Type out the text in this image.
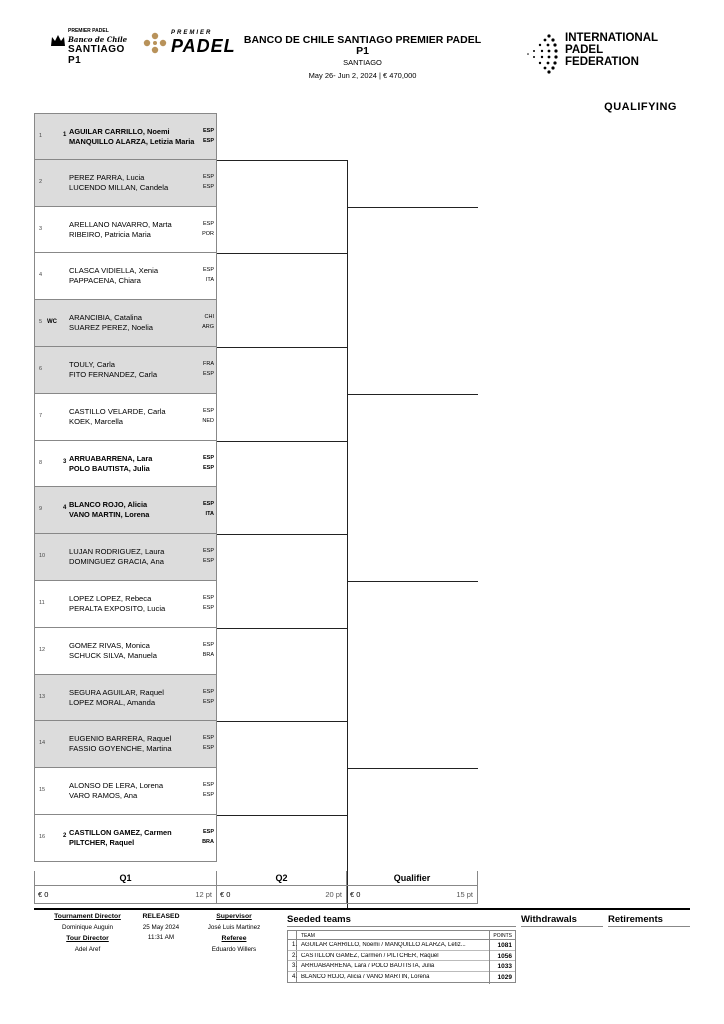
PREMIER PADEL
Banco de Chile
SANTIAGO P1
PREMIER
PADEL BANCO DE CHILE SANTIAGO PREMIER PADEL
P1
SANTIAGO
May 26- Jun 2, 2024 | € 470,000
INTERNATIONAL
PADEL
FEDERATION
QUALIFYING
1	1 AGUILAR CARRILLO, Noemi	ESP
MANQUILLO ALARZA, Letizia Maria ESP
2	PEREZ PARRA, Lucia	ESP
LUCENDO MILLAN, Candela	ESP
3	ARELLANO NAVARRO, Marta	ESP
RIBEIRO, Patricia Maria	POR
4	CLASCA VIDIELLA, Xenia	ESP
PAPPACENA, Chiara	ITA
5 WC ARANCIBIA, Catalina	CHI
SUAREZ PEREZ, Noelia	ARG
6	TOULY, Carla	FRA
FITO FERNANDEZ, Carla	ESP
7	CASTILLO VELARDE, Carla	ESP
KOEK, Marcella	NED
8	3 ARRUABARRENA, Lara	ESP
POLO BAUTISTA, Julia	ESP
9	4 BLANCO ROJO, Alicia	ESP
VANO MARTIN, Lorena	ITA
10	LUJAN RODRIGUEZ, Laura	ESP
DOMINGUEZ GRACIA, Ana	ESP
11	LOPEZ LOPEZ, Rebeca	ESP
PERALTA EXPOSITO, Lucia	ESP
12	GOMEZ RIVAS, Monica	ESP
SCHUCK SILVA, Manuela	BRA
13	SEGURA AGUILAR, Raquel	ESP
LOPEZ MORAL, Amanda	ESP
14	EUGENIO BARRERA, Raquel	ESP
FASSIO GOYENCHE, Martina	ESP
15	ALONSO DE LERA, Lorena	ESP
VARO RAMOS, Ana	ESP
16	2 CASTILLON GAMEZ, Carmen	ESP
PILTCHER, Raquel	BRA
Q1
€ 0	12 pt
Q2
€ 0	20 pt
Qualifier
€ 0	15 pt
Tournament Director
Dominique Auguin
Tour Director
Adel Aref
RELEASED
25 May 2024
11:31 AM
Supervisor
José Luis Martinez
Referee
Eduardo Willers
Seeded teams
TEAM	POINTS
1. AGUILAR CARRILLO, Noemi / MANQUILLO ALARZA, Letiz...	1081
2. CASTILLON GAMEZ, Carmen / PILTCHER, Raquel	1056
3. ARRUABARRENA, Lara / POLO BAUTISTA, Julia	1033
4. BLANCO ROJO, Alicia / VANO MARTIN, Lorena	1029
Withdrawals	Retirements
